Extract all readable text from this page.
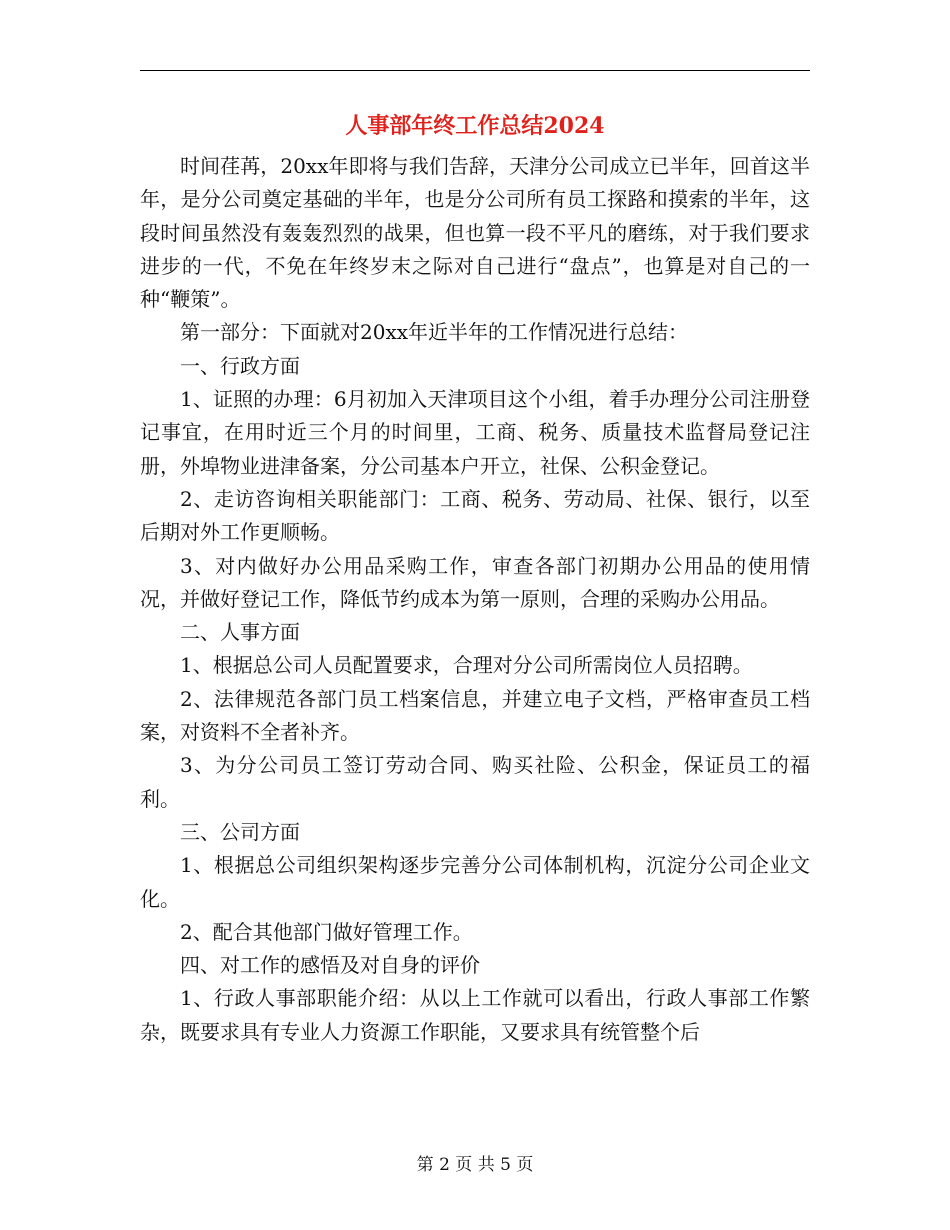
人事部年终工作总结2024

时间荏苒，20xx年即将与我们告辞，天津分公司成立已半年，回首这半年，是分公司奠定基础的半年，也是分公司所有员工探路和摸索的半年，这段时间虽然没有轰轰烈烈的战果，但也算一段不平凡的磨练，对于我们要求进步的一代，不免在年终岁末之际对自己进行“盘点”，也算是对自己的一种“鞭策”。

第一部分：下面就对20xx年近半年的工作情况进行总结：

一、行政方面

1、证照的办理：6月初加入天津项目这个小组，着手办理分公司注册登记事宜，在用时近三个月的时间里，工商、税务、质量技术监督局登记注册，外埠物业进津备案，分公司基本户开立，社保、公积金登记。

2、走访咨询相关职能部门：工商、税务、劳动局、社保、银行，以至后期对外工作更顺畅。

3、对内做好办公用品采购工作，审查各部门初期办公用品的使用情况，并做好登记工作，降低节约成本为第一原则，合理的采购办公用品。

二、人事方面

1、根据总公司人员配置要求，合理对分公司所需岗位人员招聘。

2、法律规范各部门员工档案信息，并建立电子文档，严格审查员工档案，对资料不全者补齐。

3、为分公司员工签订劳动合同、购买社险、公积金，保证员工的福利。

三、公司方面

1、根据总公司组织架构逐步完善分公司体制机构，沉淀分公司企业文化。

2、配合其他部门做好管理工作。

四、对工作的感悟及对自身的评价

1、行政人事部职能介绍：从以上工作就可以看出，行政人事部工作繁杂，既要求具有专业人力资源工作职能，又要求具有统管整个后

第 2 页 共 5 页
